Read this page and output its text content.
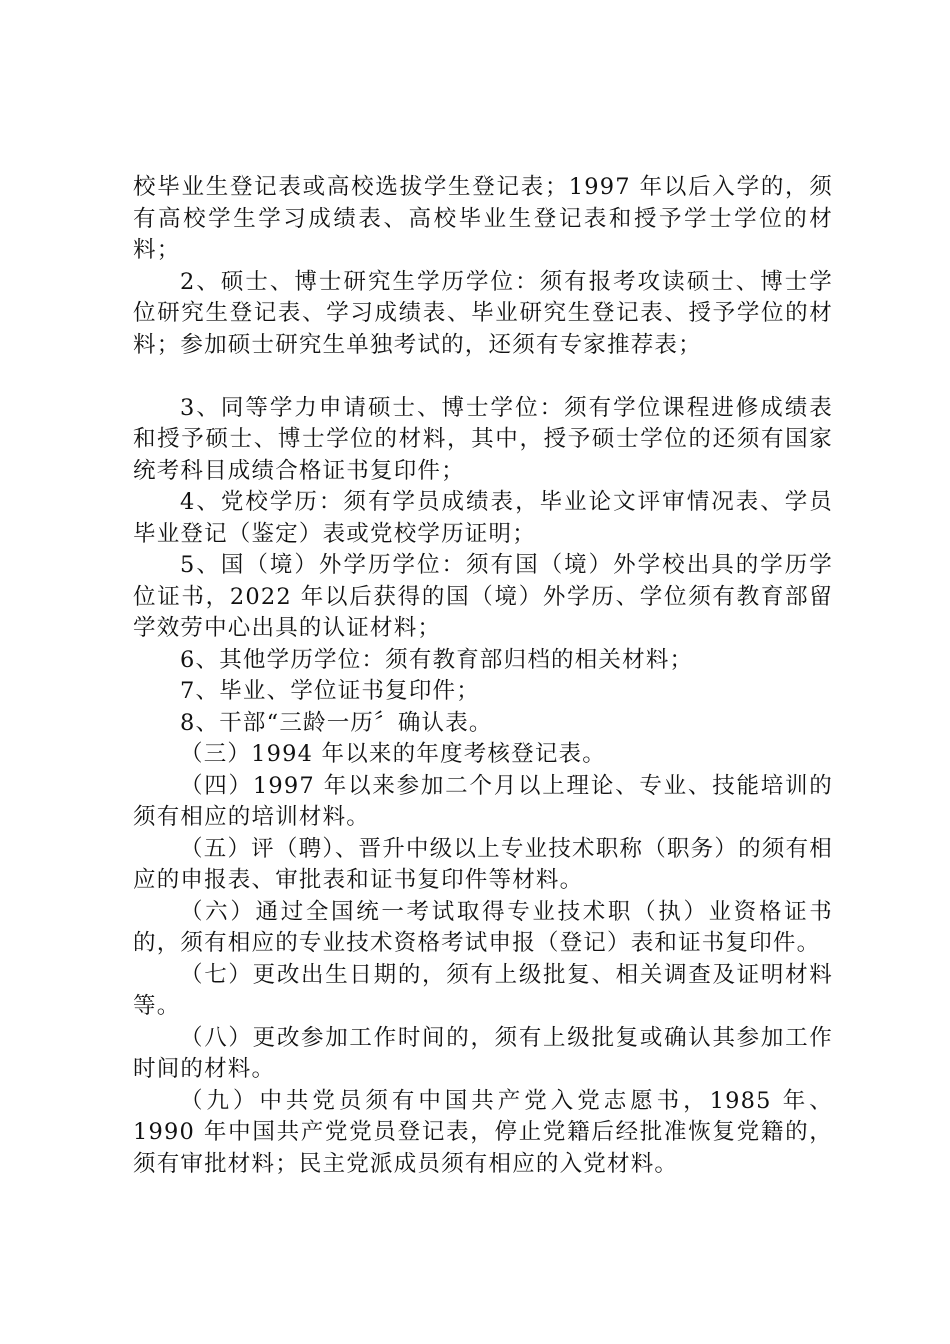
校毕业生登记表或高校选拔学生登记表；1997 年以后入学的，须有高校学生学习成绩表、高校毕业生登记表和授予学士学位的材料；

2、硕士、博士研究生学历学位：须有报考攻读硕士、博士学位研究生登记表、学习成绩表、毕业研究生登记表、授予学位的材料；参加硕士研究生单独考试的，还须有专家推荐表；

3、同等学力申请硕士、博士学位：须有学位课程进修成绩表和授予硕士、博士学位的材料，其中，授予硕士学位的还须有国家统考科目成绩合格证书复印件；

4、党校学历：须有学员成绩表，毕业论文评审情况表、学员毕业登记（鉴定）表或党校学历证明；

5、国（境）外学历学位：须有国（境）外学校出具的学历学位证书，2022 年以后获得的国（境）外学历、学位须有教育部留学效劳中心出具的认证材料；

6、其他学历学位：须有教育部归档的相关材料；

7、毕业、学位证书复印件；

8、干部“三龄一历〞确认表。

（三）1994 年以来的年度考核登记表。

（四）1997 年以来参加二个月以上理论、专业、技能培训的须有相应的培训材料。

（五）评（聘）、晋升中级以上专业技术职称（职务）的须有相应的申报表、审批表和证书复印件等材料。

（六）通过全国统一考试取得专业技术职（执）业资格证书的，须有相应的专业技术资格考试申报（登记）表和证书复印件。

（七）更改出生日期的，须有上级批复、相关调查及证明材料等。

（八）更改参加工作时间的，须有上级批复或确认其参加工作时间的材料。

（九）中共党员须有中国共产党入党志愿书，1985 年、1990 年中国共产党党员登记表，停止党籍后经批准恢复党籍的，须有审批材料；民主党派成员须有相应的入党材料。
